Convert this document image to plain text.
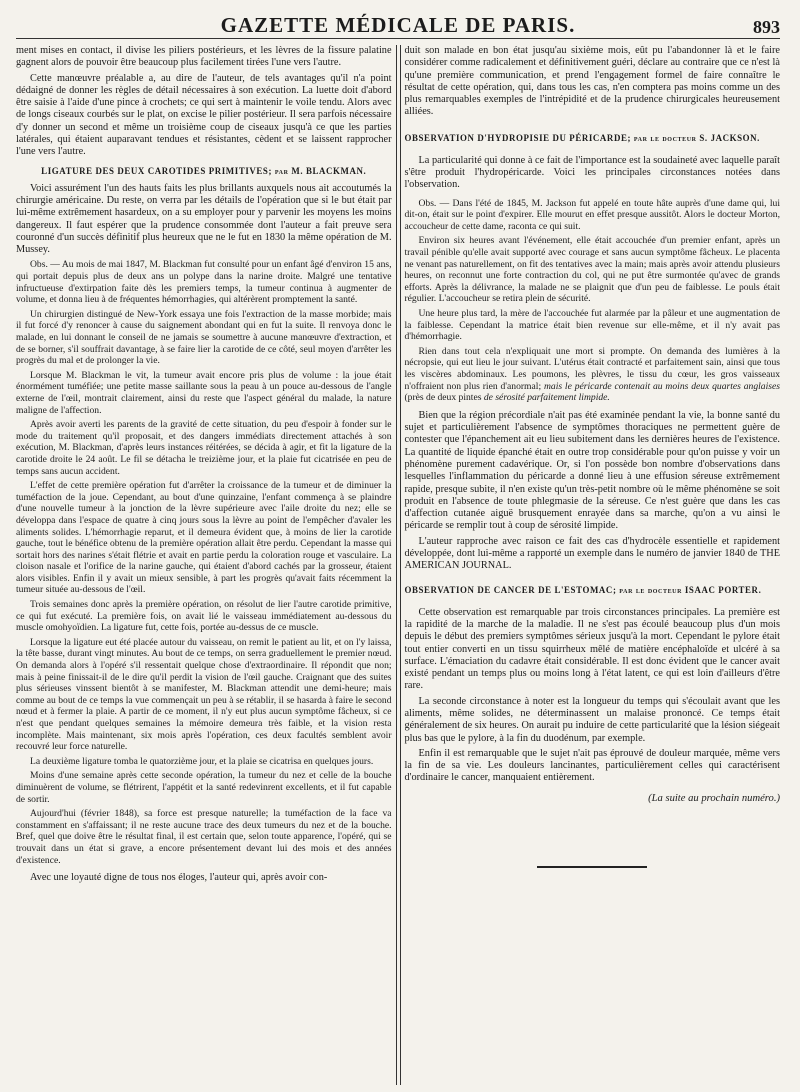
GAZETTE MÉDICALE DE PARIS.	893

ment mises en contact, il divise les piliers postérieurs, et les lèvres de la fissure palatine gagnent alors de pouvoir être beaucoup plus facilement tirées l'une vers l'autre.

Cette manœuvre préalable a, au dire de l'auteur, de tels avantages qu'il n'a point dédaigné de donner les règles de détail nécessaires à son exécution. La luette doit d'abord être saisie à l'aide d'une pince à crochets; ce qui sert à maintenir le voile tendu. Alors avec de longs ciseaux courbés sur le plat, on excise le pilier postérieur. Il sera parfois nécessaire d'y donner un second et même un troisième coup de ciseaux jusqu'à ce que les parties latérales, qui étaient auparavant tendues et résistantes, cèdent et se laissent rapprocher l'une vers l'autre.

LIGATURE DES DEUX CAROTIDES PRIMITIVES; par M. BLACKMAN.

Voici assurément l'un des hauts faits les plus brillants auxquels nous ait accoutumés la chirurgie américaine. Du reste, on verra par les détails de l'opération que si le but était par lui-même extrêmement hasardeux, on a su employer pour y parvenir les moyens les moins dangereux. Il faut espérer que la prudence consommée dont l'auteur a fait preuve sera couronné d'un succès définitif plus heureux que ne le fut en 1830 la même opération de M. Mussey.

Obs. — Au mois de mai 1847, M. Blackman fut consulté pour un enfant âgé d'environ 15 ans, qui portait depuis plus de deux ans un polype dans la narine droite. Malgré une tentative infructueuse d'extirpation faite dès les premiers temps, la tumeur continua à augmenter de volume, et donna lieu à de fréquentes hémorrhagies, qui altérèrent promptement la santé.

Un chirurgien distingué de New-York essaya une fois l'extraction de la masse morbide; mais il fut forcé d'y renoncer à cause du saignement abondant qui en fut la suite. Il renvoya donc le malade, en lui donnant le conseil de ne jamais se soumettre à aucune manœuvre d'extraction, et de se borner, s'il souffrait davantage, à se faire lier la carotide de ce côté, seul moyen d'arrêter les progrès du mal et de prolonger la vie.

Lorsque M. Blackman le vit, la tumeur avait encore pris plus de volume : la joue était énormément tuméfiée; une petite masse saillante sous la peau à un pouce au-dessous de l'angle externe de l'œil, montrait clairement, ainsi du reste que l'aspect général du malade, la nature maligne de l'affection.

Après avoir averti les parents de la gravité de cette situation, du peu d'espoir à fonder sur le mode du traitement qu'il proposait, et des dangers immédiats directement attachés à son exécution, M. Blackman, d'après leurs instances réitérées, se décida à agir, et fit la ligature de la carotide droite le 24 août. Le fil se détacha le treizième jour, et la plaie fut cicatrisée en peu de temps sans aucun accident.

L'effet de cette première opération fut d'arrêter la croissance de la tumeur et de diminuer la tuméfaction de la joue. Cependant, au bout d'une quinzaine, l'enfant commença à se plaindre d'une nouvelle tumeur à la jonction de la lèvre supérieure avec l'aile droite du nez; elle se développa dans l'espace de quatre à cinq jours sous la lèvre au point de l'empêcher d'avaler les aliments solides. L'hémorrhagie reparut, et il demeura évident que, à moins de lier la carotide gauche, tout le bénéfice obtenu de la première opération allait être perdu. Cependant la masse qui sortait hors des narines s'était flétrie et avait en partie perdu la coloration rouge et vasculaire. La cloison nasale et l'orifice de la narine gauche, qui étaient d'abord cachés par la grosseur, étaient alors visibles. Enfin il y avait un mieux sensible, à part les progrès qu'avait faits récemment la tumeur située au-dessous de l'œil.

Trois semaines donc après la première opération, on résolut de lier l'autre carotide primitive, ce qui fut exécuté. La première fois, on avait lié le vaisseau immédiatement au-dessous du muscle omohyoïdien. La ligature fut, cette fois, portée au-dessus de ce muscle.

Lorsque la ligature eut été placée autour du vaisseau, on remit le patient au lit, et on l'y laissa, la tête basse, durant vingt minutes. Au bout de ce temps, on serra graduellement le premier nœud. On demanda alors à l'opéré s'il ressentait quelque chose d'extraordinaire. Il répondit que non; mais à peine finissait-il de le dire qu'il perdit la vision de l'œil gauche. Craignant que des suites plus sérieuses vinssent bientôt à se manifester, M. Blackman attendit une demi-heure; mais comme au bout de ce temps la vue commençait un peu à se rétablir, il se hasarda à faire le second nœud et à fermer la plaie. A partir de ce moment, il n'y eut plus aucun symptôme fâcheux, si ce n'est que pendant quelques semaines la mémoire demeura très faible, et la vision resta incomplète. Mais maintenant, six mois après l'opération, ces deux facultés semblent avoir recouvré leur force naturelle.

La deuxième ligature tomba le quatorzième jour, et la plaie se cicatrisa en quelques jours.

Moins d'une semaine après cette seconde opération, la tumeur du nez et celle de la bouche diminuèrent de volume, se flétrirent, l'appétit et la santé redevinrent excellents, et il fut capable de sortir.

Aujourd'hui (février 1848), sa force est presque naturelle; la tuméfaction de la face va constamment en s'affaissant; il ne reste aucune trace des deux tumeurs du nez et de la bouche. Bref, quel que doive être le résultat final, il est certain que, selon toute apparence, l'opéré, qui se trouvait dans un état si grave, a encore présentement devant lui des mois et des années d'existence.

Avec une loyauté digne de tous nos éloges, l'auteur qui, après avoir con-

duit son malade en bon état jusqu'au sixième mois, eût pu l'abandonner là et le faire considérer comme radicalement et définitivement guéri, déclare au contraire que ce n'est là qu'une première communication, et prend l'engagement formel de faire connaître le résultat de cette opération, qui, dans tous les cas, n'en comptera pas moins comme un des plus remarquables exemples de l'intrépidité et de la prudence chirurgicales heureusement alliées.

OBSERVATION D'HYDROPISIE DU PÉRICARDE; par le docteur S. JACKSON.

La particularité qui donne à ce fait de l'importance est la soudaineté avec laquelle paraît s'être produit l'hydropéricarde. Voici les principales circonstances notées dans l'observation.

Obs. — Dans l'été de 1845, M. Jackson fut appelé en toute hâte auprès d'une dame qui, lui dit-on, était sur le point d'expirer. Elle mourut en effet presque aussitôt. Alors le docteur Morton, accoucheur de cette dame, raconta ce qui suit.

Environ six heures avant l'événement, elle était accouchée d'un premier enfant, après un travail pénible qu'elle avait supporté avec courage et sans aucun symptôme fâcheux. Le placenta ne venant pas naturellement, on fit des tentatives avec la main; mais après avoir attendu plusieurs heures, on reconnut une forte contraction du col, qui ne put être surmontée qu'avec de grands efforts. Après la délivrance, la malade ne se plaignit que d'un peu de faiblesse. Le pouls était régulier. L'accoucheur se retira plein de sécurité.

Une heure plus tard, la mère de l'accouchée fut alarmée par la pâleur et une augmentation de la faiblesse. Cependant la matrice était bien revenue sur elle-même, et il n'y avait pas d'hémorrhagie.

Rien dans tout cela n'expliquait une mort si prompte. On demanda des lumières à la nécropsie, qui eut lieu le jour suivant. L'utérus était contracté et parfaitement sain, ainsi que tous les viscères abdominaux. Les poumons, les plèvres, le tissu du cœur, les gros vaisseaux n'offraient non plus rien d'anormal; mais le péricarde contenait au moins deux quartes anglaises (près de deux pintes de sérosité parfaitement limpide.

Bien que la région précordiale n'ait pas été examinée pendant la vie, la bonne santé du sujet et particulièrement l'absence de symptômes thoraciques ne permettent guère de contester que l'épanchement ait eu lieu subitement dans les dernières heures de l'existence. La quantité de liquide épanché était en outre trop considérable pour qu'on puisse y voir un phénomène purement cadavérique. Or, si l'on possède bon nombre d'observations dans lesquelles l'inflammation du péricarde a donné lieu à une effusion séreuse extrêmement rapide, presque subite, il n'en existe qu'un très-petit nombre où le même phénomène se soit produit en l'absence de toute phlegmasie de la séreuse. Ce n'est guère que dans les cas d'affection cutanée aiguë brusquement enrayée dans sa marche, qu'on a vu ainsi le péricarde se remplir tout à coup de sérosité limpide.

L'auteur rapproche avec raison ce fait des cas d'hydrocèle essentielle et rapidement développée, dont lui-même a rapporté un exemple dans le numéro de janvier 1840 de THE AMERICAN JOURNAL.

OBSERVATION DE CANCER DE L'ESTOMAC; par le docteur ISAAC PORTER.

Cette observation est remarquable par trois circonstances principales. La première est la rapidité de la marche de la maladie. Il ne s'est pas écoulé beaucoup plus d'un mois depuis le début des premiers symptômes sérieux jusqu'à la mort. Cependant le pylore était tout entier converti en un tissu squirrheux mêlé de matière encéphaloïde et ulcéré à sa surface. L'émaciation du cadavre était considérable. Il est donc évident que le cancer avait existé pendant un temps plus ou moins long à l'état latent, ce qui est loin d'ailleurs d'être rare.

La seconde circonstance à noter est la longueur du temps qui s'écoulait avant que les aliments, même solides, ne déterminassent un malaise prononcé. Ce temps était généralement de six heures. On aurait pu induire de cette particularité que la lésion siégeait plus bas que le pylore, à la fin du duodénum, par exemple.

Enfin il est remarquable que le sujet n'ait pas éprouvé de douleur marquée, même vers la fin de sa vie. Les douleurs lancinantes, particulièrement celles qui caractérisent d'ordinaire le cancer, manquaient entièrement.

(La suite au prochain numéro.)
